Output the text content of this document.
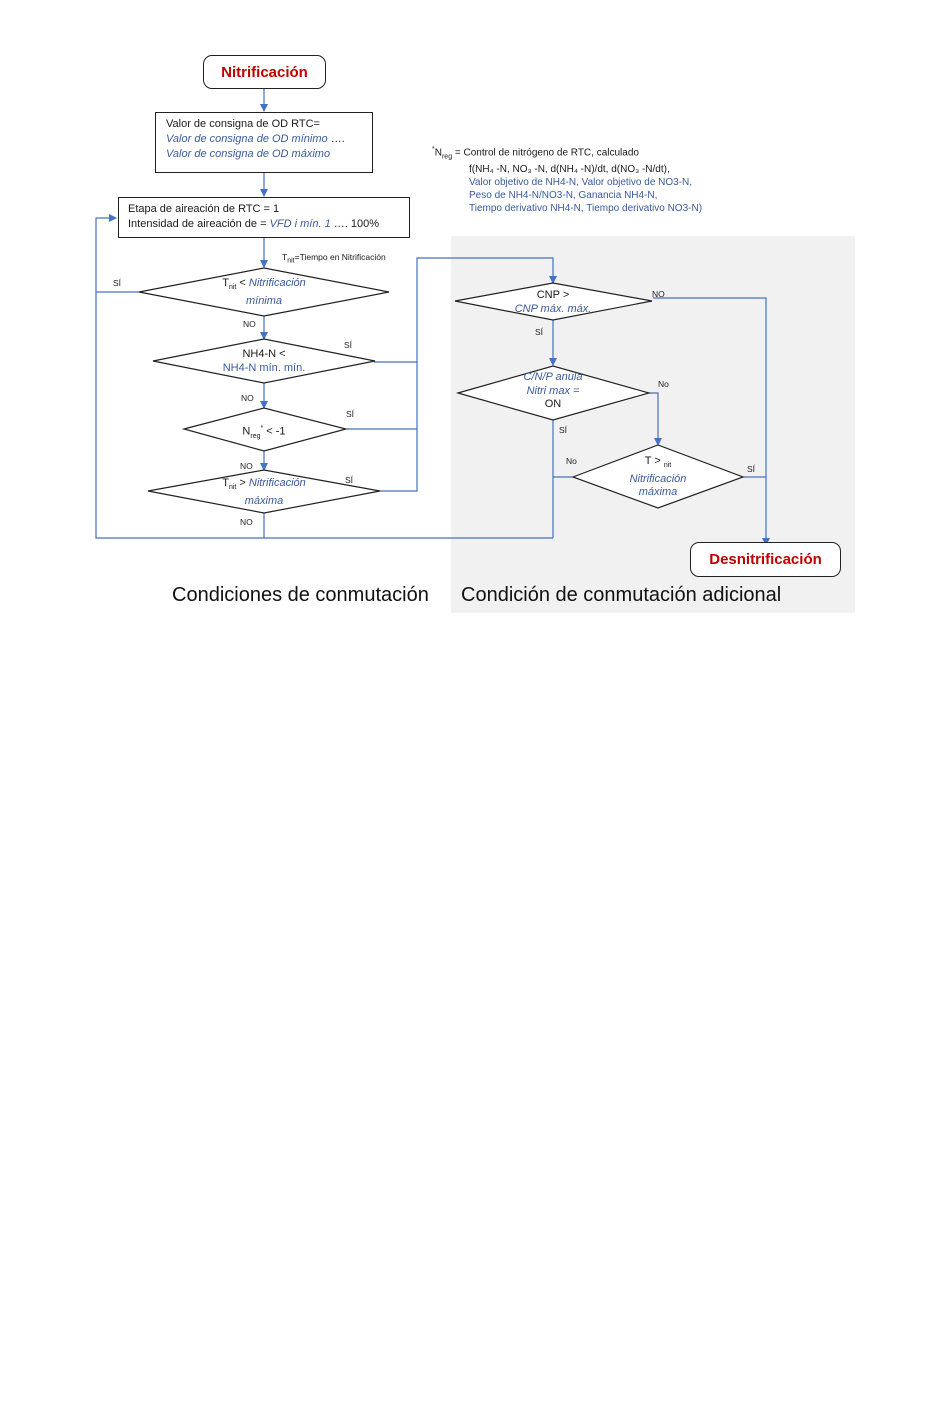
Nitrificación
Valor de consigna de OD RTC=
Valor de consigna de OD mínimo ….
Valor de consigna de OD máximo
Etapa de aireación de RTC = 1
Intensidad de aireación de = VFD i mín. 1 …. 100%
$T_{nit}=Tiempo$ en Nitrificación
$T_{nit}$ < Nitrificación
mínima
NH4-N <
NH4-N mín. mín.
$N_{reg}^* < -1$
$T_{nit}$ > Nitrificación
máxima
CNP >
CNP máx. máx.
C/N/P anula
Nitri max =
ON
T > $_{nit}$
Nitrificación
máxima
SÍ
NO
SÍ
NO
SÍ
NO
SÍ
NO
NO
SÍ
No
SÍ
No
SÍ
$^*N_{reg}$ = Control de nitrógeno de RTC, calculado
f(NH₄ -N, NO₃ -N, d(NH₄ -N)/dt, d(NO₃ -N/dt),
Valor objetivo de NH4-N, Valor objetivo de NO3-N,
Peso de NH4-N/NO3-N, Ganancia NH4-N,
Tiempo derivativo NH4-N, Tiempo derivativo NO3-N)
Desnitrificación
Condiciones de conmutación Condición de conmutación adicional
